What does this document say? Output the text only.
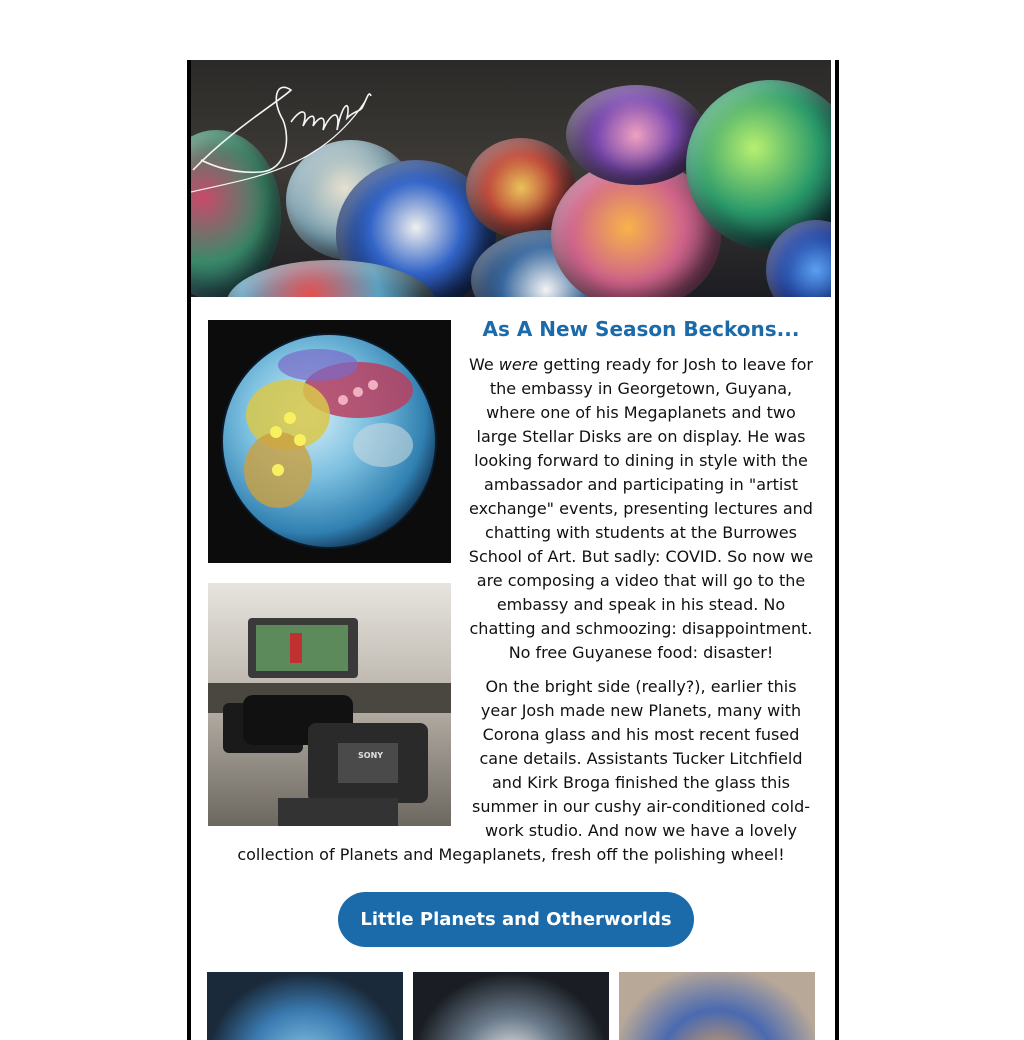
SONY
As A New Season Beckons...

We were getting ready for Josh to leave for the embassy in Georgetown, Guyana, where one of his Megaplanets and two large Stellar Disks are on display. He was looking forward to dining in style with the ambassador and participating in "artist exchange" events, presenting lectures and chatting with students at the Burrowes School of Art. But sadly: COVID. So now we are composing a video that will go to the embassy and speak in his stead. No chatting and schmoozing: disappointment. No free Guyanese food: disaster!

On the bright side (really?), earlier this year Josh made new Planets, many with Corona glass and his most recent fused cane details. Assistants Tucker Litchfield and Kirk Broga finished the glass this summer in our cushy air-conditioned cold-work studio. And now we have a lovely

collection of Planets and Megaplanets, fresh off the polishing wheel!

Little Planets and Otherworlds
